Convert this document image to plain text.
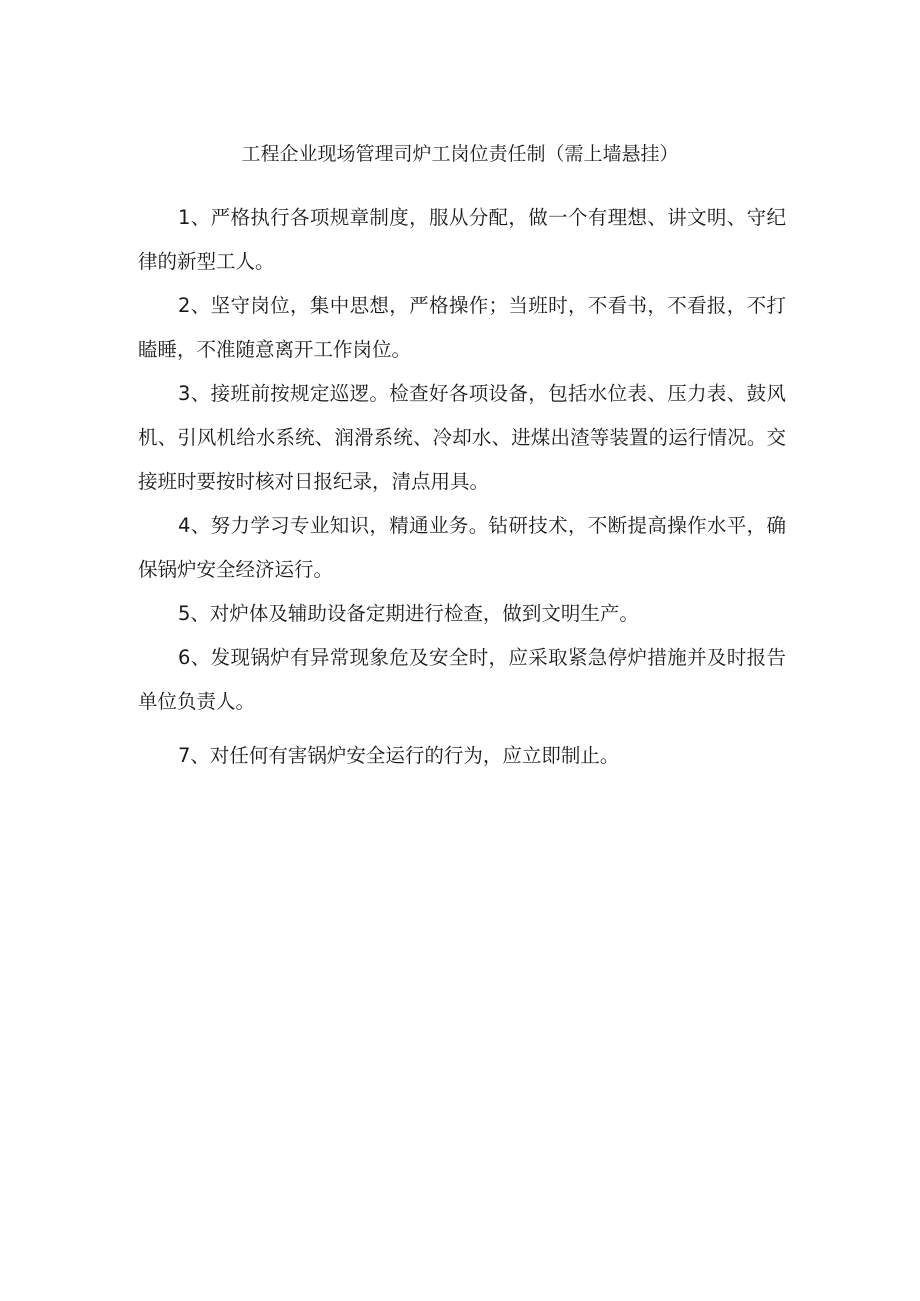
工程企业现场管理司炉工岗位责任制（需上墙悬挂）
1、严格执行各项规章制度，服从分配，做一个有理想、讲文明、守纪律的新型工人。
2、坚守岗位，集中思想，严格操作；当班时，不看书，不看报，不打瞌睡，不准随意离开工作岗位。
3、接班前按规定巡逻。检查好各项设备，包括水位表、压力表、鼓风机、引风机给水系统、润滑系统、冷却水、进煤出渣等装置的运行情况。交接班时要按时核对日报纪录，清点用具。
4、努力学习专业知识，精通业务。钻研技术，不断提高操作水平，确保锅炉安全经济运行。
5、对炉体及辅助设备定期进行检查，做到文明生产。
6、发现锅炉有异常现象危及安全时，应采取紧急停炉措施并及时报告单位负责人。
7、对任何有害锅炉安全运行的行为，应立即制止。
